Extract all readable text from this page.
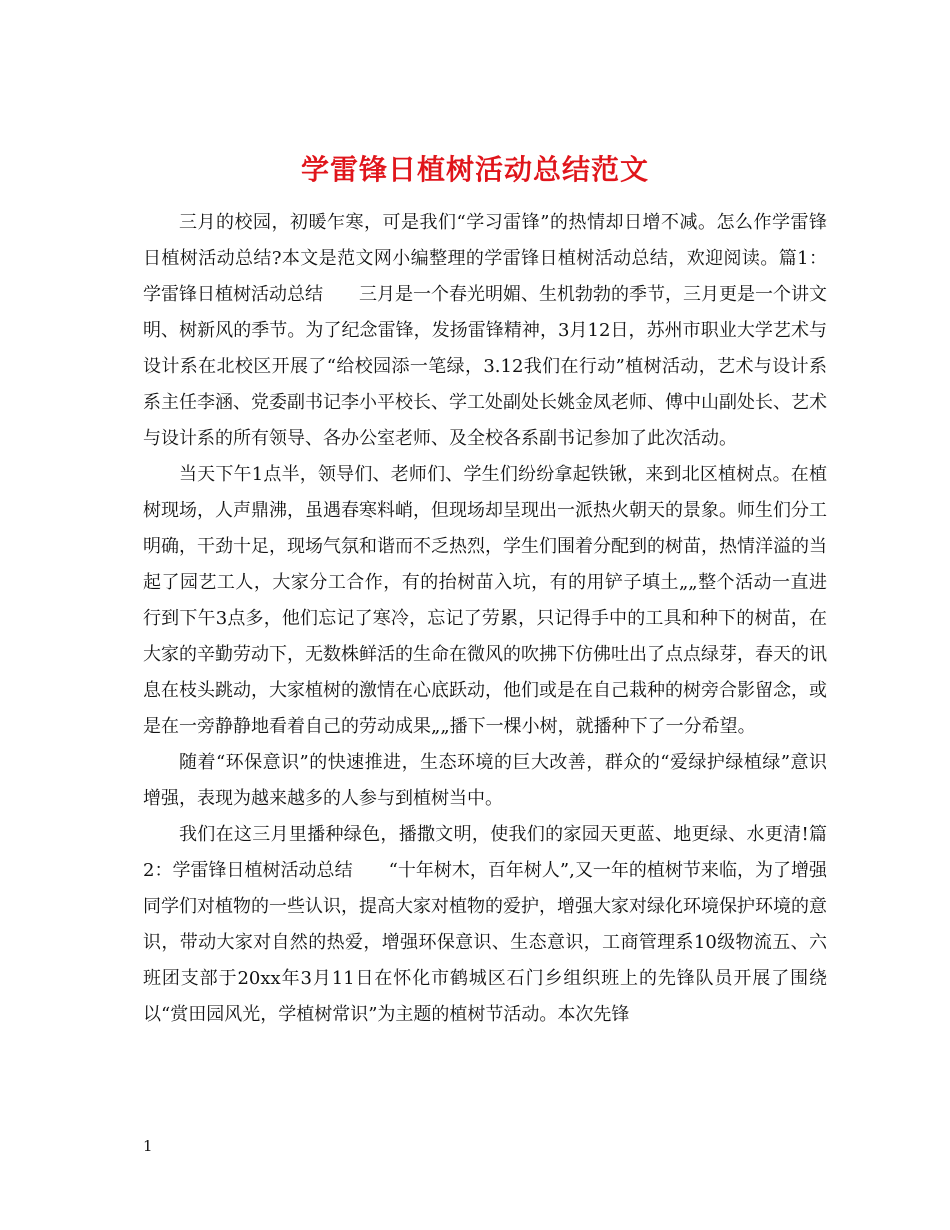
学雷锋日植树活动总结范文

三月的校园，初暖乍寒，可是我们“学习雷锋”的热情却日增不减。怎么作学雷锋日植树活动总结?本文是范文网小编整理的学雷锋日植树活动总结，欢迎阅读。篇1：学雷锋日植树活动总结　　三月是一个春光明媚、生机勃勃的季节，三月更是一个讲文明、树新风的季节。为了纪念雷锋，发扬雷锋精神，3月12日，苏州市职业大学艺术与设计系在北校区开展了“给校园添一笔绿，3.12我们在行动”植树活动，艺术与设计系系主任李涵、党委副书记李小平校长、学工处副处长姚金凤老师、傅中山副处长、艺术与设计系的所有领导、各办公室老师、及全校各系副书记参加了此次活动。

当天下午1点半，领导们、老师们、学生们纷纷拿起铁锹，来到北区植树点。在植树现场，人声鼎沸，虽遇春寒料峭，但现场却呈现出一派热火朝天的景象。师生们分工明确，干劲十足，现场气氛和谐而不乏热烈，学生们围着分配到的树苗，热情洋溢的当起了园艺工人，大家分工合作，有的抬树苗入坑，有的用铲子填土„„整个活动一直进行到下午3点多，他们忘记了寒冷，忘记了劳累，只记得手中的工具和种下的树苗，在大家的辛勤劳动下，无数株鲜活的生命在微风的吹拂下仿佛吐出了点点绿芽，春天的讯息在枝头跳动，大家植树的激情在心底跃动，他们或是在自己栽种的树旁合影留念，或是在一旁静静地看着自己的劳动成果„„播下一棵小树，就播种下了一分希望。

随着“环保意识”的快速推进，生态环境的巨大改善，群众的“爱绿护绿植绿”意识增强，表现为越来越多的人参与到植树当中。

我们在这三月里播种绿色，播撒文明，使我们的家园天更蓝、地更绿、水更清!篇2：学雷锋日植树活动总结　　“十年树木，百年树人”,又一年的植树节来临，为了增强同学们对植物的一些认识，提高大家对植物的爱护，增强大家对绿化环境保护环境的意识，带动大家对自然的热爱，增强环保意识、生态意识，工商管理系10级物流五、六班团支部于20xx年3月11日在怀化市鹤城区石门乡组织班上的先锋队员开展了围绕以“赏田园风光，学植树常识”为主题的植树节活动。本次先锋

1
